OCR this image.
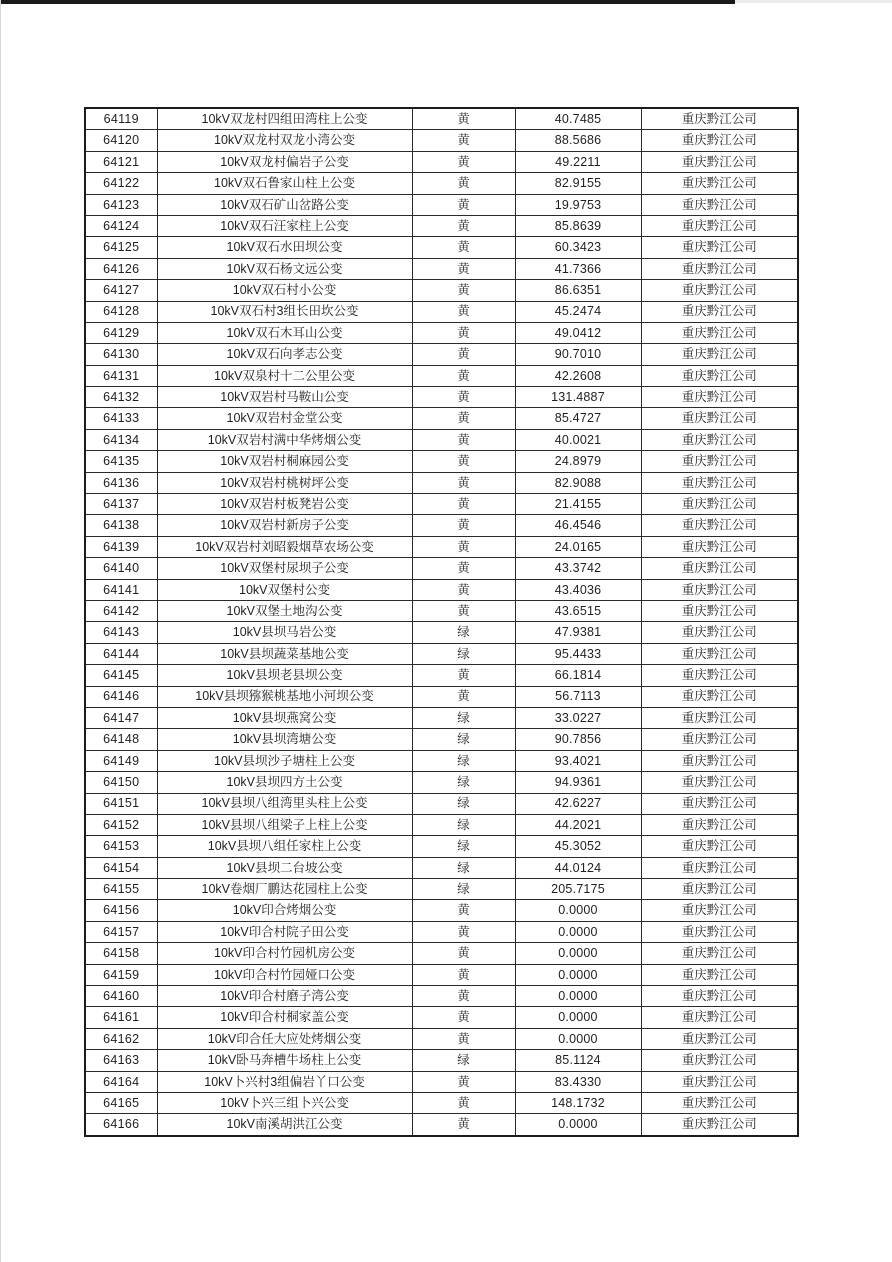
64119	10kV双龙村四组田湾柱上公变	黄	40.7485	重庆黔江公司
64120	10kV双龙村双龙小湾公变	黄	88.5686	重庆黔江公司
64121	10kV双龙村偏岩子公变	黄	49.2211	重庆黔江公司
64122	10kV双石鲁家山柱上公变	黄	82.9155	重庆黔江公司
64123	10kV双石矿山岔路公变	黄	19.9753	重庆黔江公司
64124	10kV双石汪家柱上公变	黄	85.8639	重庆黔江公司
64125	10kV双石水田坝公变	黄	60.3423	重庆黔江公司
64126	10kV双石杨文远公变	黄	41.7366	重庆黔江公司
64127	10kV双石村小公变	黄	86.6351	重庆黔江公司
64128	10kV双石村3组长田坎公变	黄	45.2474	重庆黔江公司
64129	10kV双石木耳山公变	黄	49.0412	重庆黔江公司
64130	10kV双石向孝志公变	黄	90.7010	重庆黔江公司
64131	10kV双泉村十二公里公变	黄	42.2608	重庆黔江公司
64132	10kV双岩村马鞍山公变	黄	131.4887	重庆黔江公司
64133	10kV双岩村金堂公变	黄	85.4727	重庆黔江公司
64134	10kV双岩村满中华烤烟公变	黄	40.0021	重庆黔江公司
64135	10kV双岩村桐麻园公变	黄	24.8979	重庆黔江公司
64136	10kV双岩村桃树坪公变	黄	82.9088	重庆黔江公司
64137	10kV双岩村板凳岩公变	黄	21.4155	重庆黔江公司
64138	10kV双岩村新房子公变	黄	46.4546	重庆黔江公司
64139	10kV双岩村刘昭毅烟草农场公变	黄	24.0165	重庆黔江公司
64140	10kV双堡村尿坝子公变	黄	43.3742	重庆黔江公司
64141	10kV双堡村公变	黄	43.4036	重庆黔江公司
64142	10kV双堡土地沟公变	黄	43.6515	重庆黔江公司
64143	10kV县坝马岩公变	绿	47.9381	重庆黔江公司
64144	10kV县坝蔬菜基地公变	绿	95.4433	重庆黔江公司
64145	10kV县坝老县坝公变	黄	66.1814	重庆黔江公司
64146	10kV县坝猕猴桃基地小河坝公变	黄	56.7113	重庆黔江公司
64147	10kV县坝燕窝公变	绿	33.0227	重庆黔江公司
64148	10kV县坝湾塘公变	绿	90.7856	重庆黔江公司
64149	10kV县坝沙子塘柱上公变	绿	93.4021	重庆黔江公司
64150	10kV县坝四方土公变	绿	94.9361	重庆黔江公司
64151	10kV县坝八组湾里头柱上公变	绿	42.6227	重庆黔江公司
64152	10kV县坝八组梁子上柱上公变	绿	44.2021	重庆黔江公司
64153	10kV县坝八组任家柱上公变	绿	45.3052	重庆黔江公司
64154	10kV县坝二台坡公变	绿	44.0124	重庆黔江公司
64155	10kV卷烟厂鹏达花园柱上公变	绿	205.7175	重庆黔江公司
64156	10kV印合烤烟公变	黄	0.0000	重庆黔江公司
64157	10kV印合村院子田公变	黄	0.0000	重庆黔江公司
64158	10kV印合村竹园机房公变	黄	0.0000	重庆黔江公司
64159	10kV印合村竹园娅口公变	黄	0.0000	重庆黔江公司
64160	10kV印合村磨子湾公变	黄	0.0000	重庆黔江公司
64161	10kV印合村桐家盖公变	黄	0.0000	重庆黔江公司
64162	10kV印合任大应处烤烟公变	黄	0.0000	重庆黔江公司
64163	10kV卧马奔槽牛场柱上公变	绿	85.1124	重庆黔江公司
64164	10kV卜兴村3组偏岩丫口公变	黄	83.4330	重庆黔江公司
64165	10kV卜兴三组卜兴公变	黄	148.1732	重庆黔江公司
64166	10kV南溪胡洪江公变	黄	0.0000	重庆黔江公司
